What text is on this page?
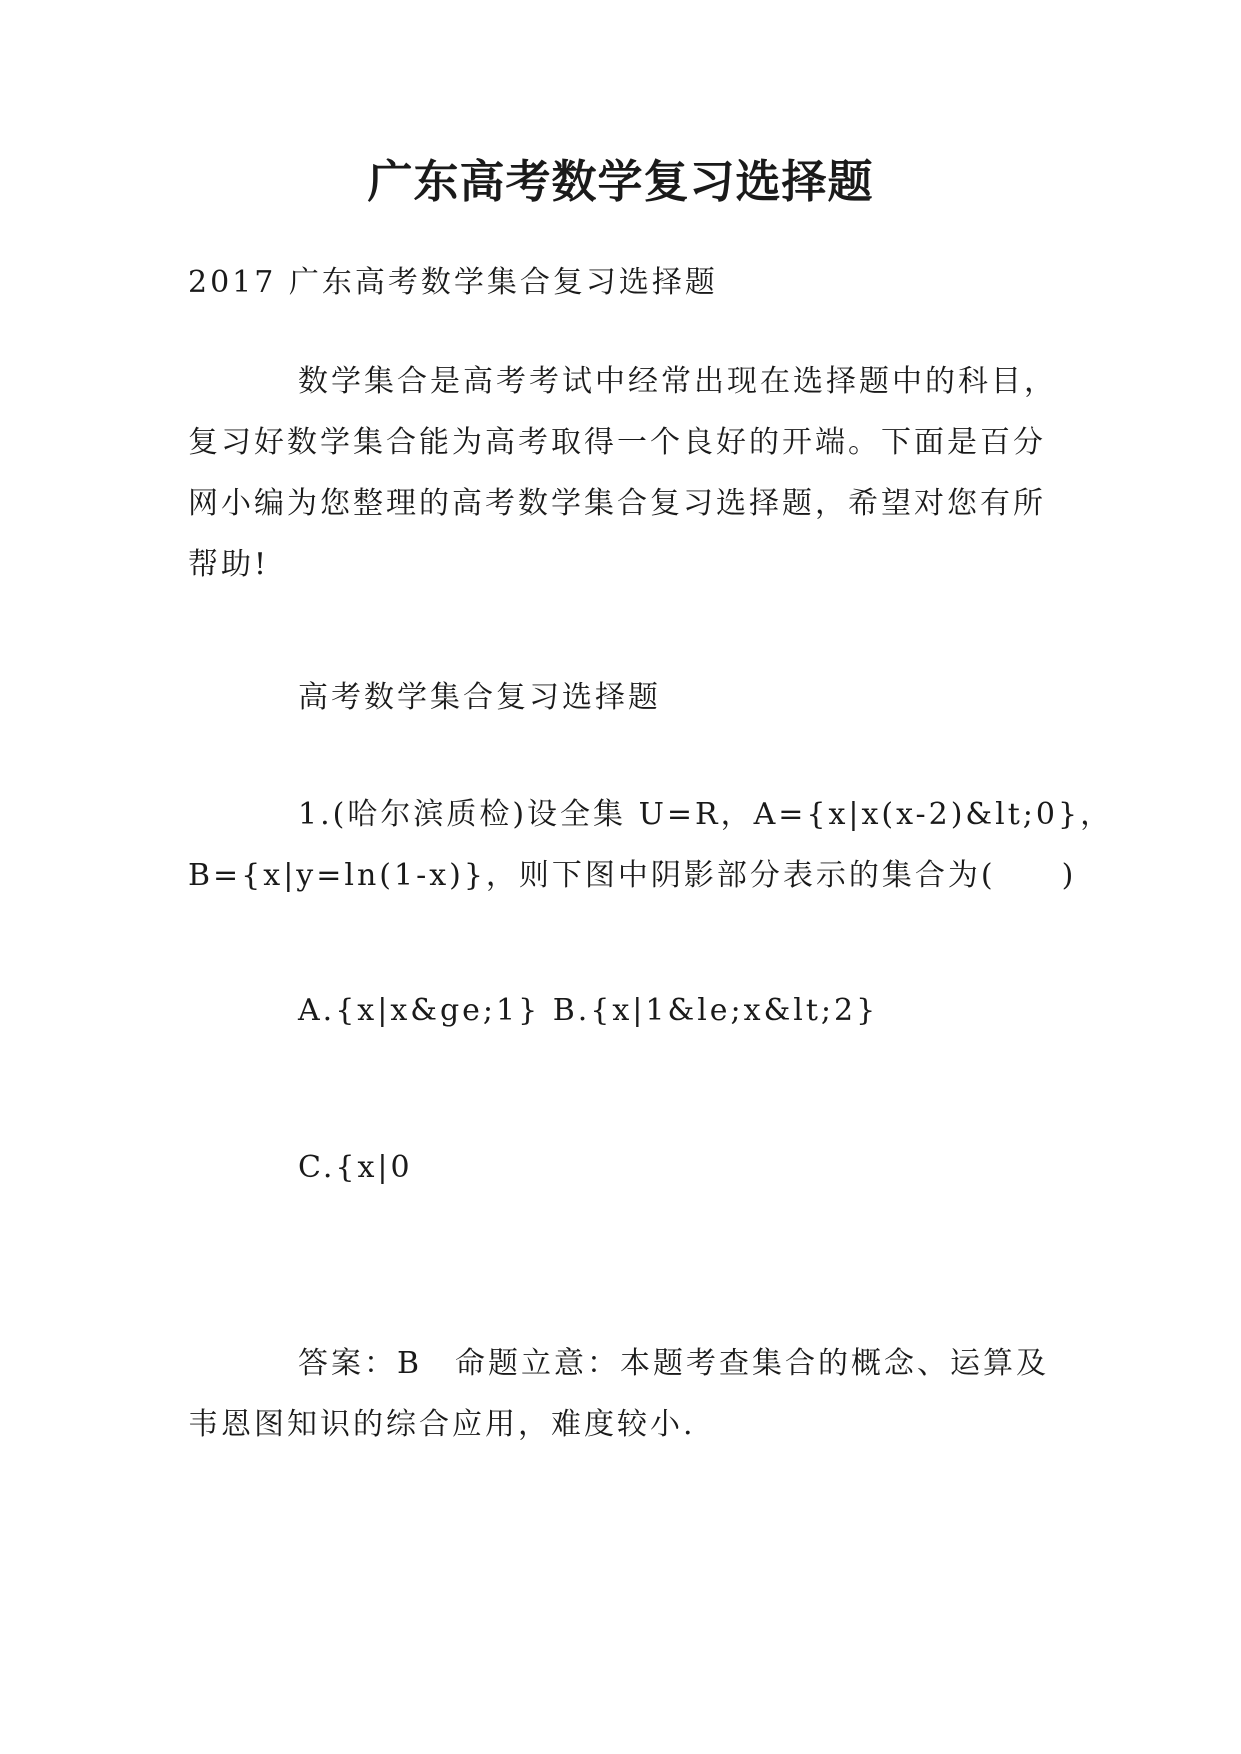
广东高考数学复习选择题
2017 广东高考数学集合复习选择题
数学集合是高考考试中经常出现在选择题中的科目，
复习好数学集合能为高考取得一个良好的开端。下面是百分
网小编为您整理的高考数学集合复习选择题，希望对您有所
帮助!
高考数学集合复习选择题
1.(哈尔滨质检)设全集 U=R，A={x|x(x-2)&lt;0}，
B={x|y=ln(1-x)}，则下图中阴影部分表示的集合为(　　)
A.{x|x&ge;1} B.{x|1&le;x&lt;2}
C.{x|0
答案：B　命题立意：本题考查集合的概念、运算及
韦恩图知识的综合应用，难度较小.
